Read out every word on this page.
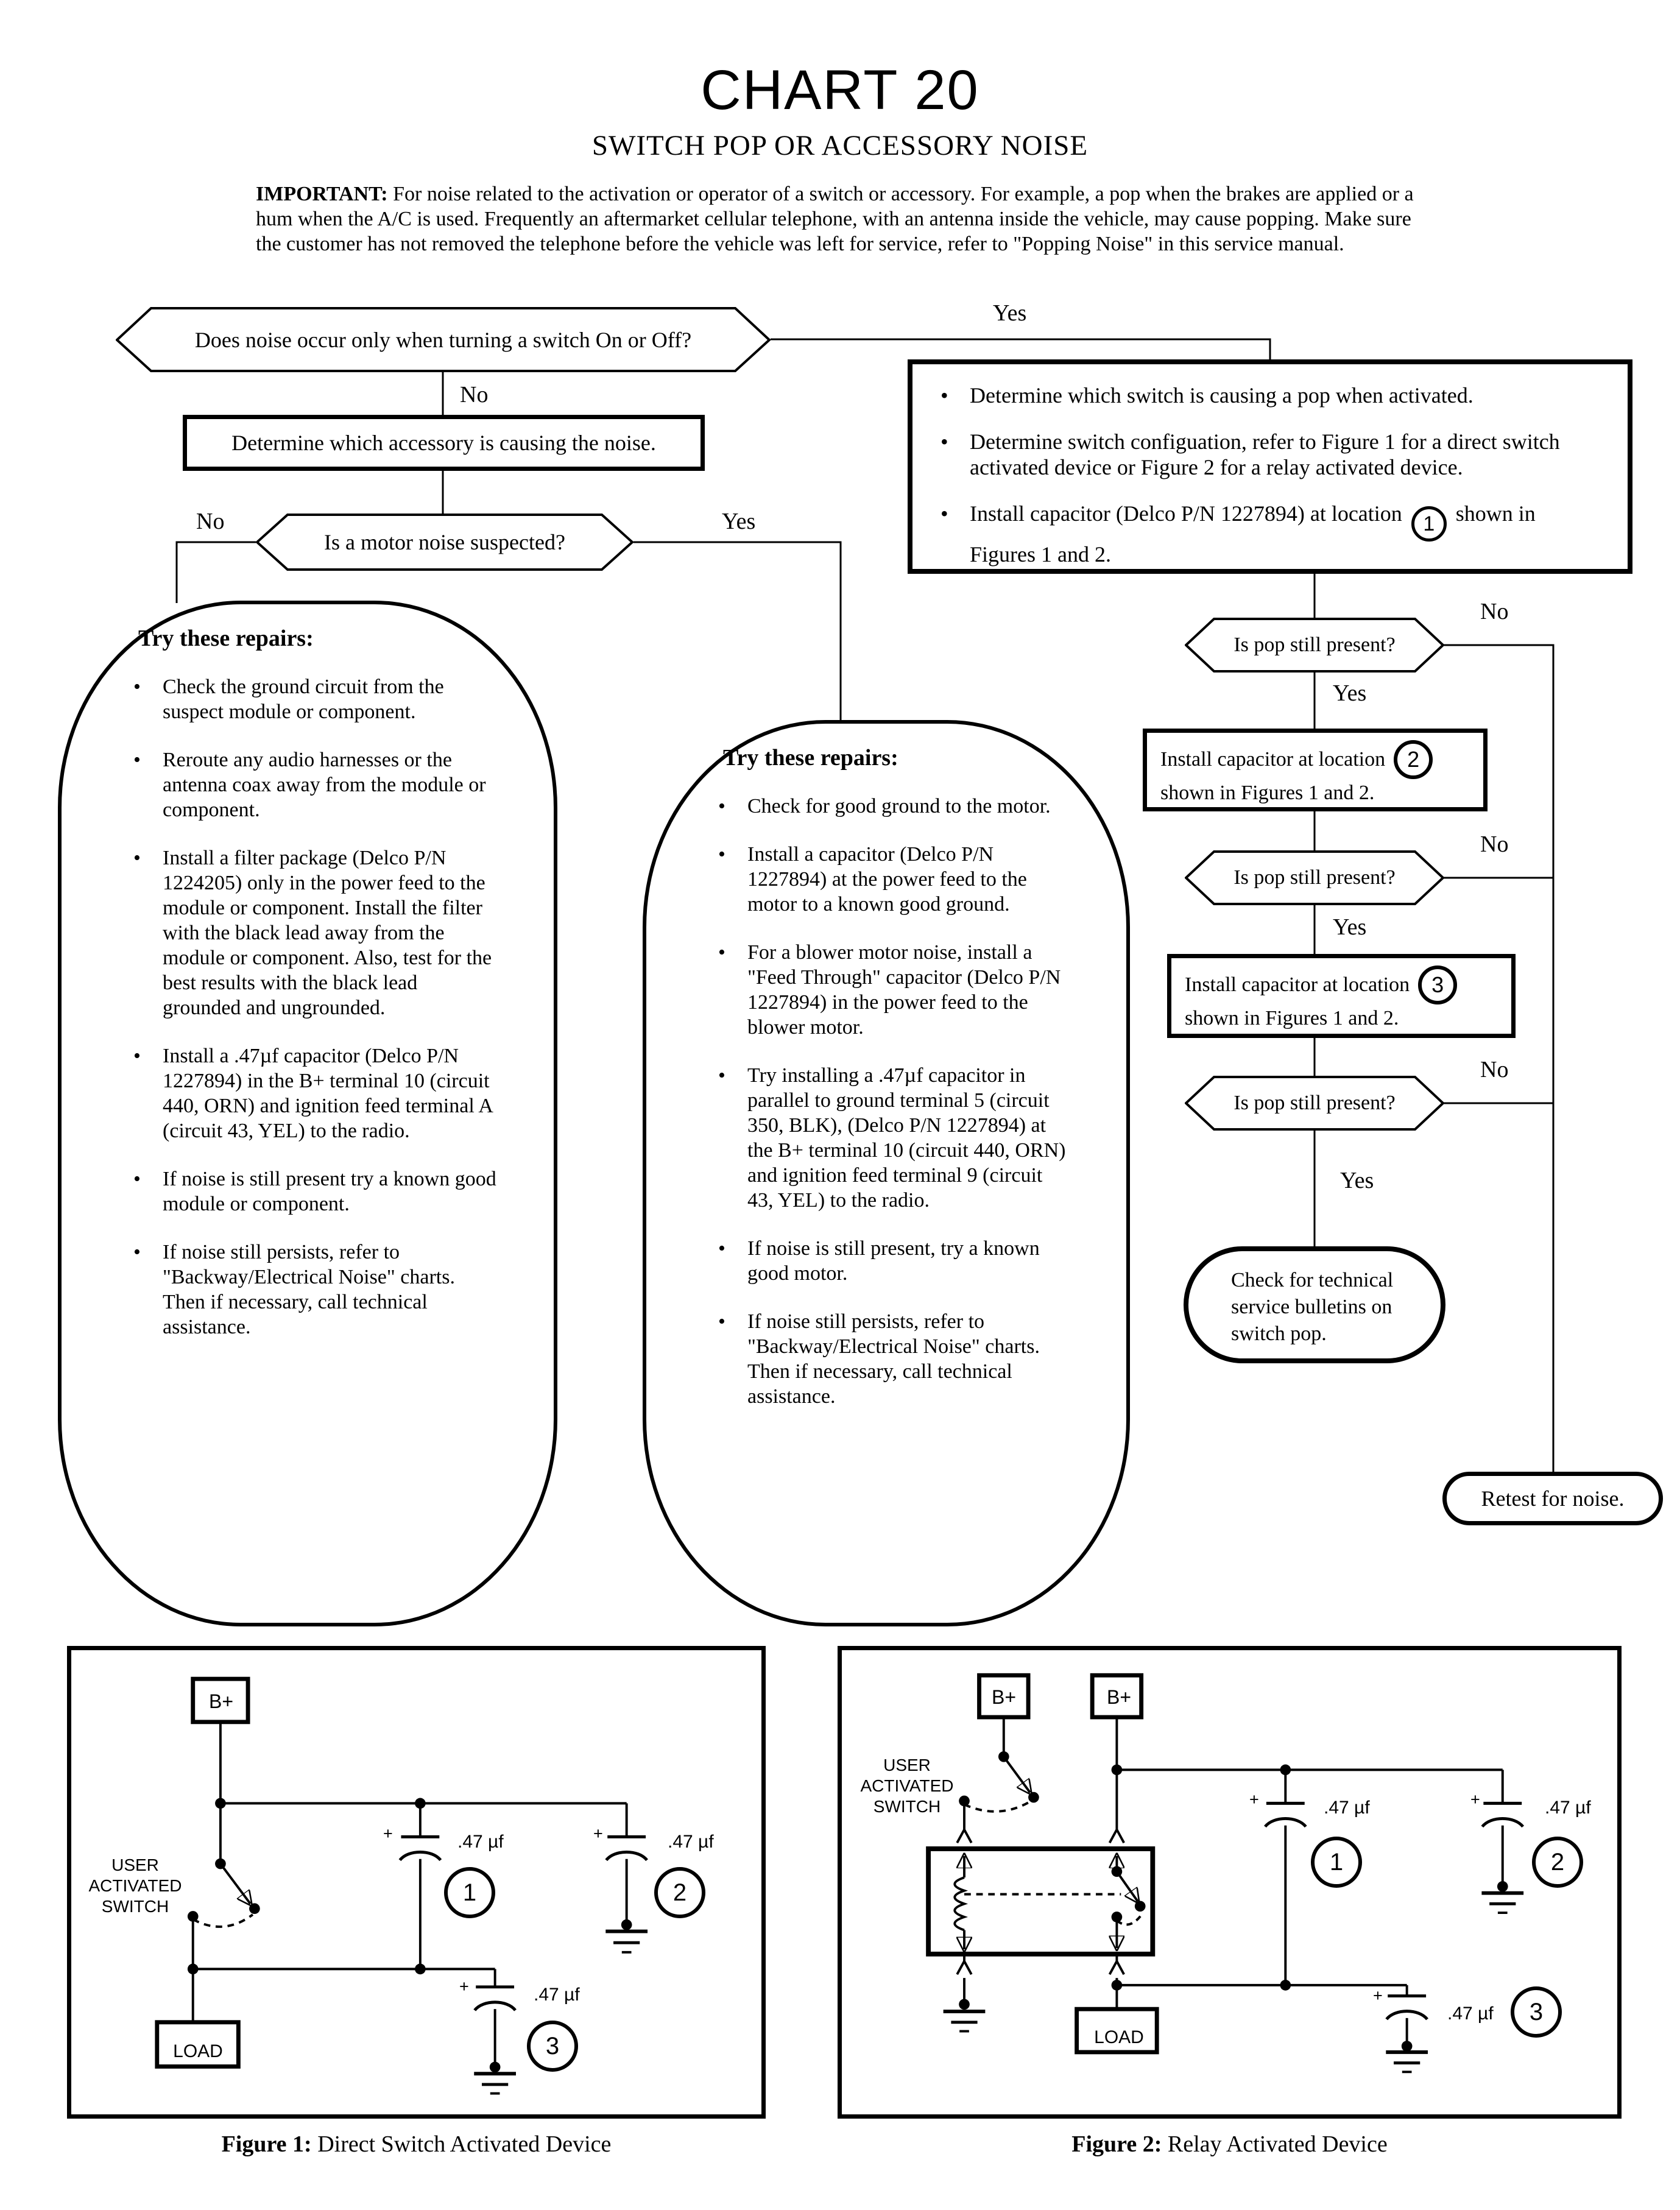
CHART 20
SWITCH POP OR ACCESSORY NOISE
IMPORTANT: For noise related to the activation or operator of a switch or accessory. For example, a pop when the brakes are applied or a hum when the A/C is used. Frequently an aftermarket cellular telephone, with an antenna inside the vehicle, may cause popping. Make sure the customer has not removed the telephone before the vehicle was left for service, refer to "Popping Noise" in this service manual.
Does noise occur only when turning a switch On or Off?
Yes
No
Determine which accessory is causing the noise.
Is a motor noise suspected?
No	Yes
•
Determine which switch is causing a pop when activated.
•
Determine switch configuation, refer to Figure 1 for a direct switch activated device or Figure 2 for a relay activated device.
•
Install capacitor (Delco P/N 1227894) at location 1 shown in Figures 1 and 2.
Is pop still present?
No
Yes
Install capacitor at location 2
shown in Figures 1 and 2.
Is pop still present?
No
Yes
Install capacitor at location 3
shown in Figures 1 and 2.
Is pop still present?
No
Yes
Check for technical service bulletins on switch pop.
Retest for noise.
Try these repairs:
•
Check the ground circuit from the suspect module or component.
•
Reroute any audio harnesses or the antenna coax away from the module or component.
•
Install a filter package (Delco P/N 1224205) only in the power feed to the module or component. Install the filter with the black lead away from the module or component. Also, test for the best results with the black lead grounded and ungrounded.
•
Install a .47µf capacitor (Delco P/N 1227894) in the B+ terminal 10 (circuit 440, ORN) and ignition feed terminal A (circuit 43, YEL) to the radio.
•
If noise is still present try a known good module or component.
•
If noise still persists, refer to "Backway/Electrical Noise" charts. Then if necessary, call technical assistance.
Try these repairs:
•
Check for good ground to the motor.
•
Install a capacitor (Delco P/N 1227894) at the power feed to the motor to a known good ground.
•
For a blower motor noise, install a "Feed Through" capacitor (Delco P/N 1227894) in the power feed to the blower motor.
•
Try installing a .47µf capacitor in parallel to ground terminal 5 (circuit 350, BLK), (Delco P/N 1227894) at the B+ terminal 10 (circuit 440, ORN) and ignition feed terminal 9 (circuit 43, YEL) to the radio.
•
If noise is still present, try a known good motor.
•
If noise still persists, refer to "Backway/Electrical Noise" charts. Then if necessary, call technical assistance.
B+
LOAD
USER ACTIVATED SWITCH
+	+
+
.47 µf	.47 µf
.47 µf
1	2
3
Figure 1: Direct Switch Activated Device
B+	B+
LOAD
USER ACTIVATED SWITCH	+	+
+
.47 µf	.47 µf
.47 µf
1	2
3
Figure 2: Relay Activated Device
